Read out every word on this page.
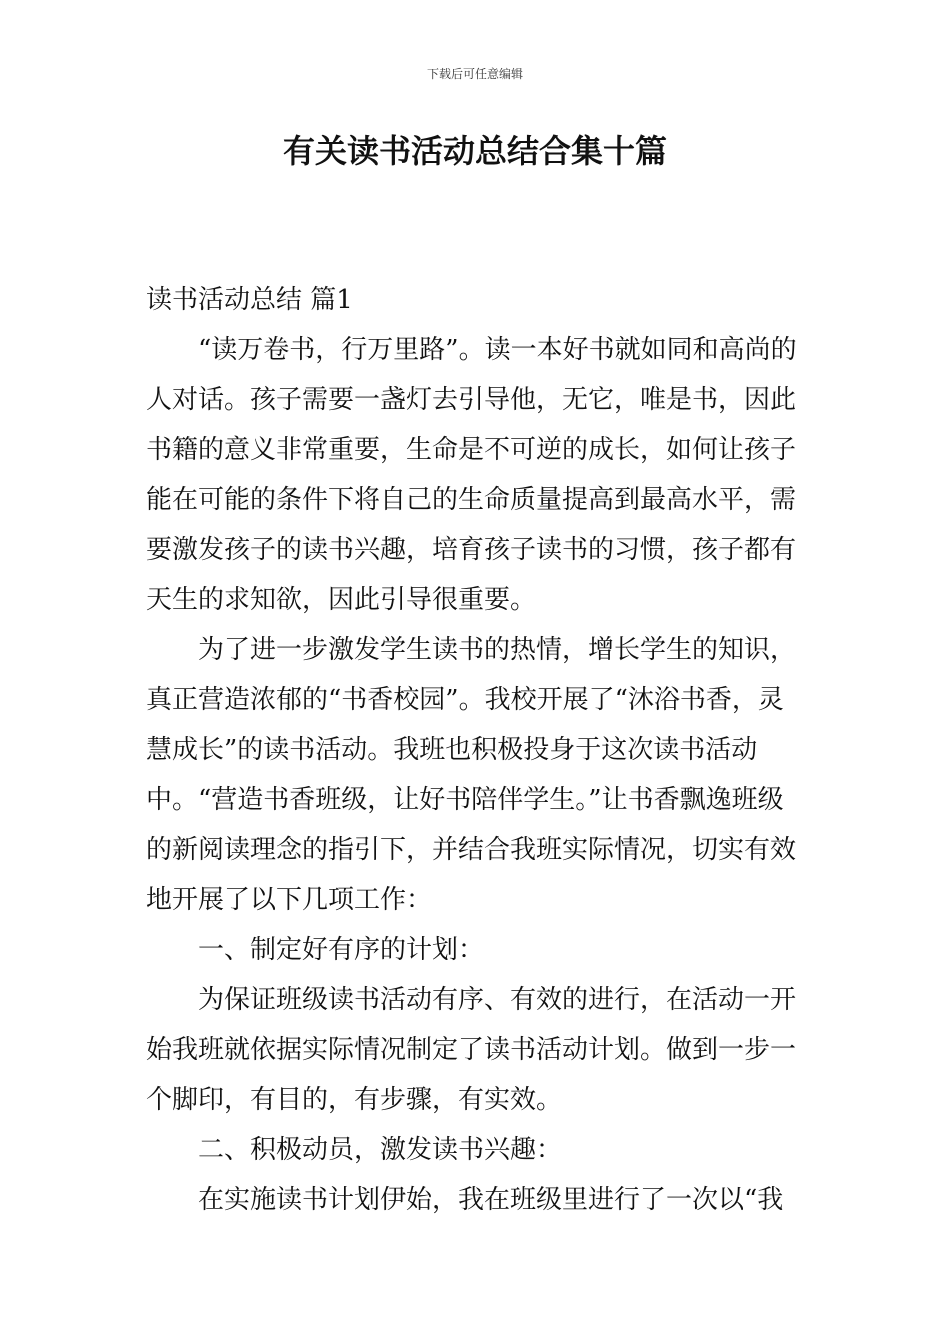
下载后可任意编辑
有关读书活动总结合集十篇
读书活动总结 篇1

“读万卷书，行万里路”。读一本好书就如同和高尚的人对话。孩子需要一盏灯去引导他，无它，唯是书，因此书籍的意义非常重要，生命是不可逆的成长，如何让孩子能在可能的条件下将自己的生命质量提高到最高水平，需要激发孩子的读书兴趣，培育孩子读书的习惯，孩子都有天生的求知欲，因此引导很重要。

为了进一步激发学生读书的热情，增长学生的知识，真正营造浓郁的“书香校园”。我校开展了“沐浴书香，灵慧成长”的读书活动。我班也积极投身于这次读书活动中。“营造书香班级，让好书陪伴学生。”让书香飘逸班级的新阅读理念的指引下，并结合我班实际情况，切实有效地开展了以下几项工作：

一、制定好有序的计划：

为保证班级读书活动有序、有效的进行，在活动一开始我班就依据实际情况制定了读书活动计划。做到一步一个脚印，有目的，有步骤，有实效。

二、积极动员，激发读书兴趣：

在实施读书计划伊始，我在班级里进行了一次以“我
